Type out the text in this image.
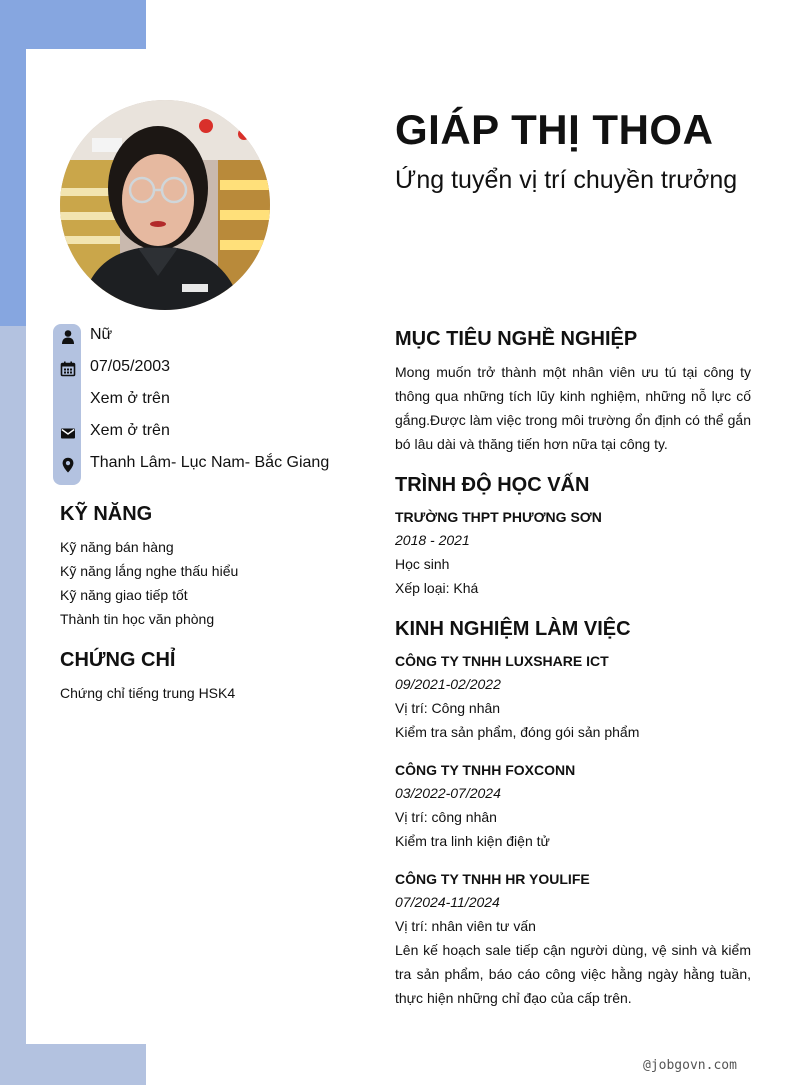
GIÁP THỊ THOA
Ứng tuyển vị trí chuyền trưởng
Nữ
07/05/2003
Xem ở trên
Xem ở trên
Thanh Lâm- Lục Nam- Bắc Giang
KỸ NĂNG
Kỹ năng bán hàng
Kỹ năng lắng nghe thấu hiểu
Kỹ năng giao tiếp tốt
Thành tin học văn phòng
CHỨNG CHỈ
Chứng chỉ tiếng trung HSK4
MỤC TIÊU NGHỀ NGHIỆP
Mong muốn trở thành một nhân viên ưu tú tại công ty thông qua những tích lũy kinh nghiệm, những nỗ lực cố gắng.Được làm việc trong môi trường ổn định có thể gắn bó lâu dài và thăng tiến hơn nữa tại công ty.
TRÌNH ĐỘ HỌC VẤN
TRƯỜNG THPT PHƯƠNG SƠN
2018 - 2021
Học sinh
Xếp loại: Khá
KINH NGHIỆM LÀM VIỆC
CÔNG TY TNHH LUXSHARE ICT
09/2021-02/2022
Vị trí: Công nhân
Kiểm tra sản phẩm, đóng gói sản phẩm
CÔNG TY TNHH FOXCONN
03/2022-07/2024
Vị trí: công nhân
Kiểm tra linh kiện điện tử
CÔNG TY TNHH HR YOULIFE
07/2024-11/2024
Vị trí: nhân viên tư vấn
Lên kế hoạch sale tiếp cận người dùng, vệ sinh và kiểm tra sản phẩm, báo cáo công việc hằng ngày hằng tuần, thực hiện những chỉ đạo của cấp trên.
@jobgovn.com
